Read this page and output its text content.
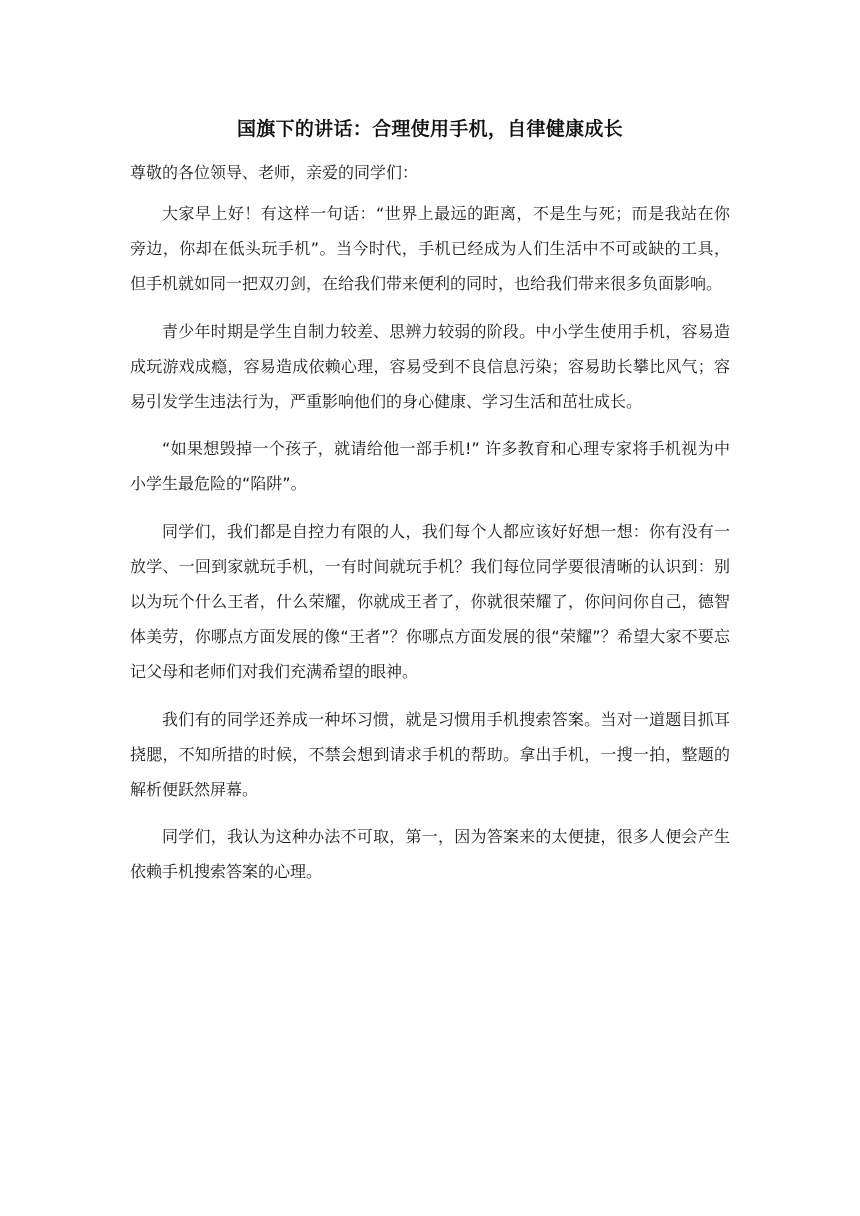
国旗下的讲话：合理使用手机，自律健康成长
尊敬的各位领导、老师，亲爱的同学们：

大家早上好！有这样一句话：“世界上最远的距离，不是生与死；而是我站在你旁边，你却在低头玩手机”。当今时代，手机已经成为人们生活中不可或缺的工具，但手机就如同一把双刃剑，在给我们带来便利的同时，也给我们带来很多负面影响。

青少年时期是学生自制力较差、思辨力较弱的阶段。中小学生使用手机，容易造成玩游戏成瘾，容易造成依赖心理，容易受到不良信息污染；容易助长攀比风气；容易引发学生违法行为，严重影响他们的身心健康、学习生活和茁壮成长。

“如果想毁掉一个孩子，就请给他一部手机!” 许多教育和心理专家将手机视为中小学生最危险的“陷阱”。

同学们，我们都是自控力有限的人，我们每个人都应该好好想一想：你有没有一放学、一回到家就玩手机，一有时间就玩手机？我们每位同学要很清晰的认识到：别以为玩个什么王者，什么荣耀，你就成王者了，你就很荣耀了，你问问你自己，德智体美劳，你哪点方面发展的像“王者”？你哪点方面发展的很“荣耀”？希望大家不要忘记父母和老师们对我们充满希望的眼神。

我们有的同学还养成一种坏习惯，就是习惯用手机搜索答案。当对一道题目抓耳挠腮，不知所措的时候，不禁会想到请求手机的帮助。拿出手机，一搜一拍，整题的解析便跃然屏幕。

同学们，我认为这种办法不可取，第一，因为答案来的太便捷，很多人便会产生依赖手机搜索答案的心理。
